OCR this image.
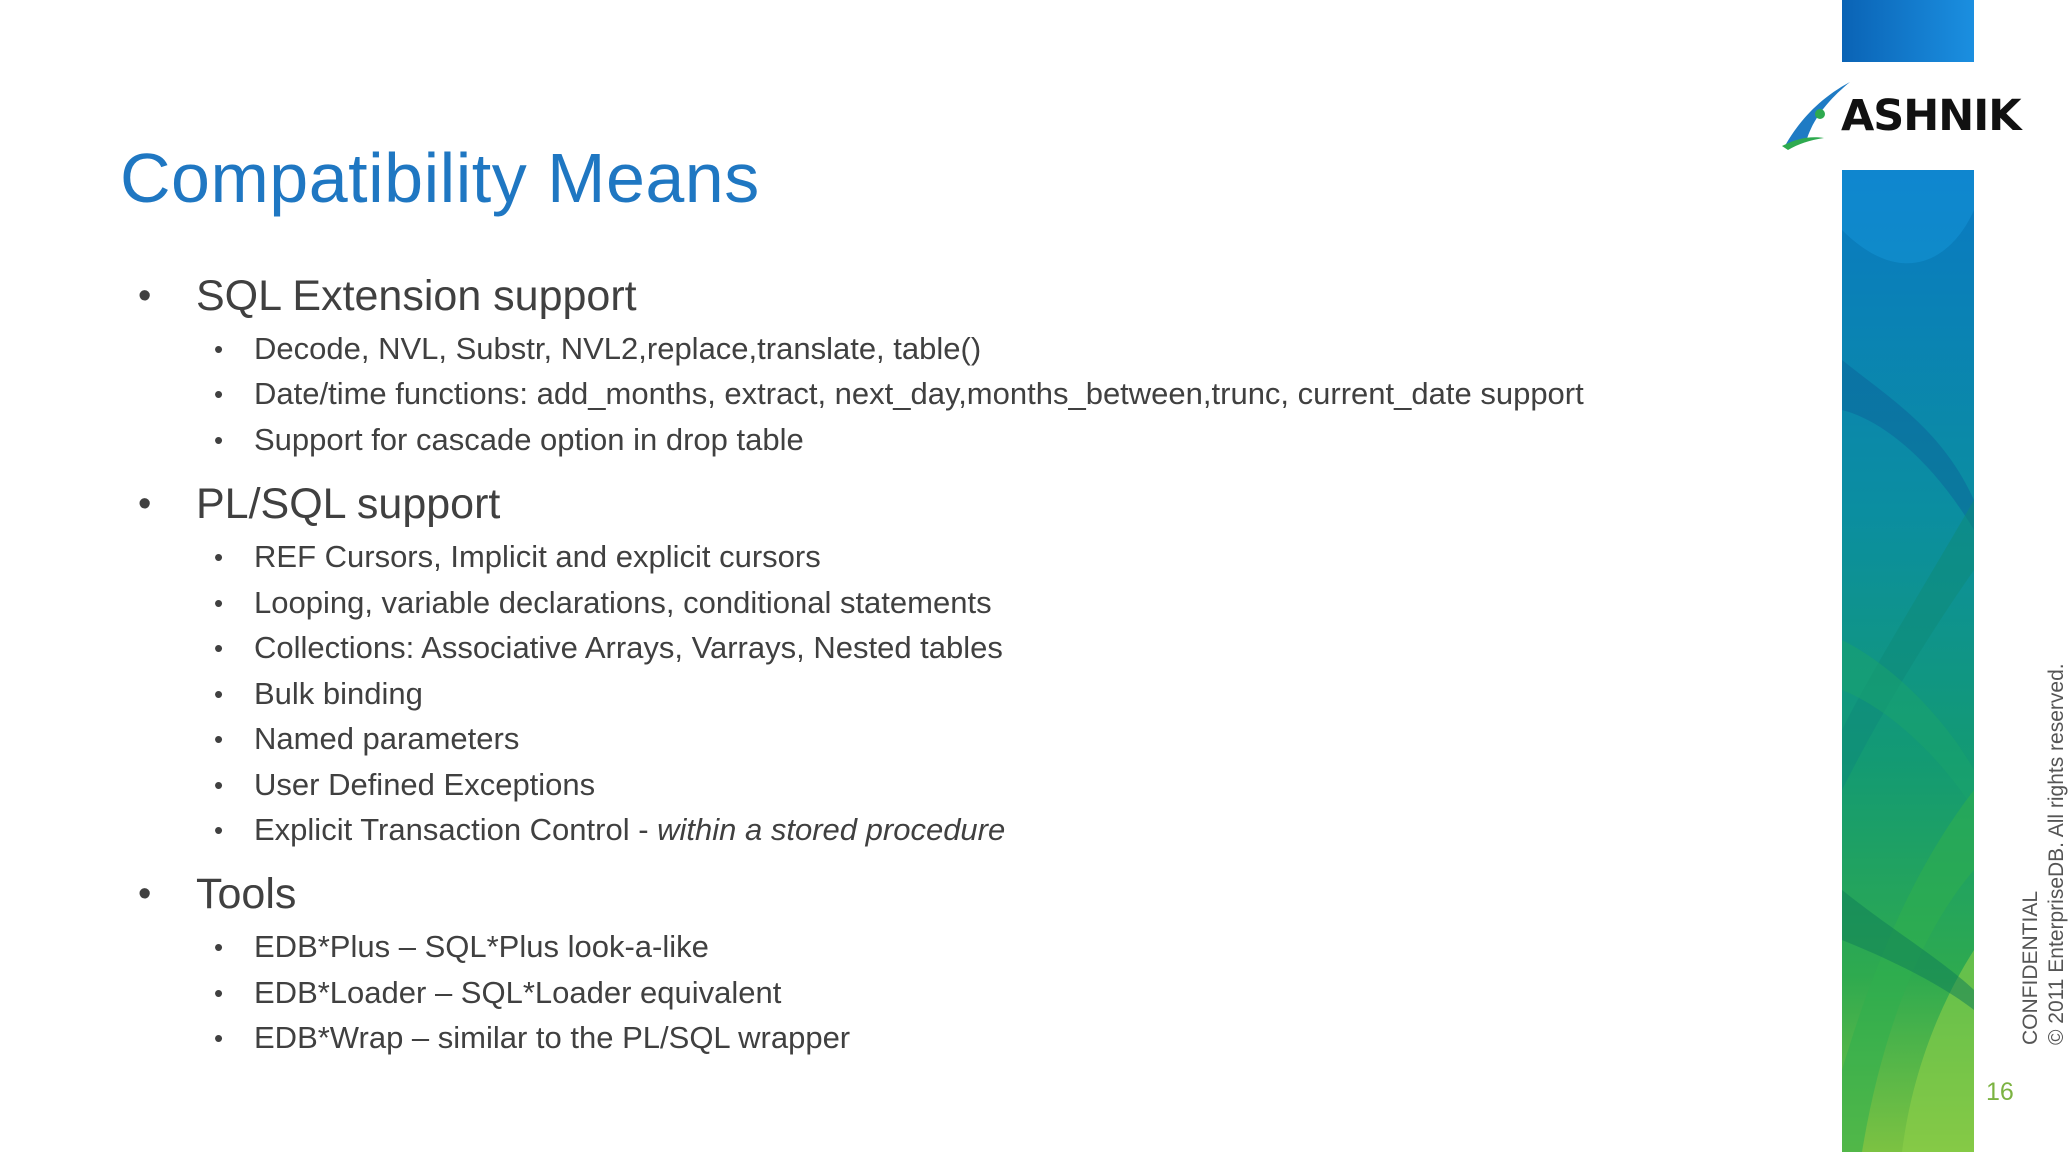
Compatibility Means
• SQL Extension support
• Decode, NVL, Substr, NVL2,replace,translate, table()
• Date/time functions: add_months, extract, next_day,months_between,trunc, current_date support
• Support for cascade option in drop table
• PL/SQL support
• REF Cursors, Implicit and explicit cursors
• Looping, variable declarations, conditional statements
• Collections: Associative Arrays, Varrays, Nested tables
• Bulk binding
• Named parameters
• User Defined Exceptions
• Explicit Transaction Control - within a stored procedure
• Tools
• EDB*Plus – SQL*Plus look-a-like
• EDB*Loader – SQL*Loader equivalent
• EDB*Wrap – similar to the PL/SQL wrapper
ASHNIK
CONFIDENTIAL © 2011 EnterpriseDB. All rights reserved.
16
